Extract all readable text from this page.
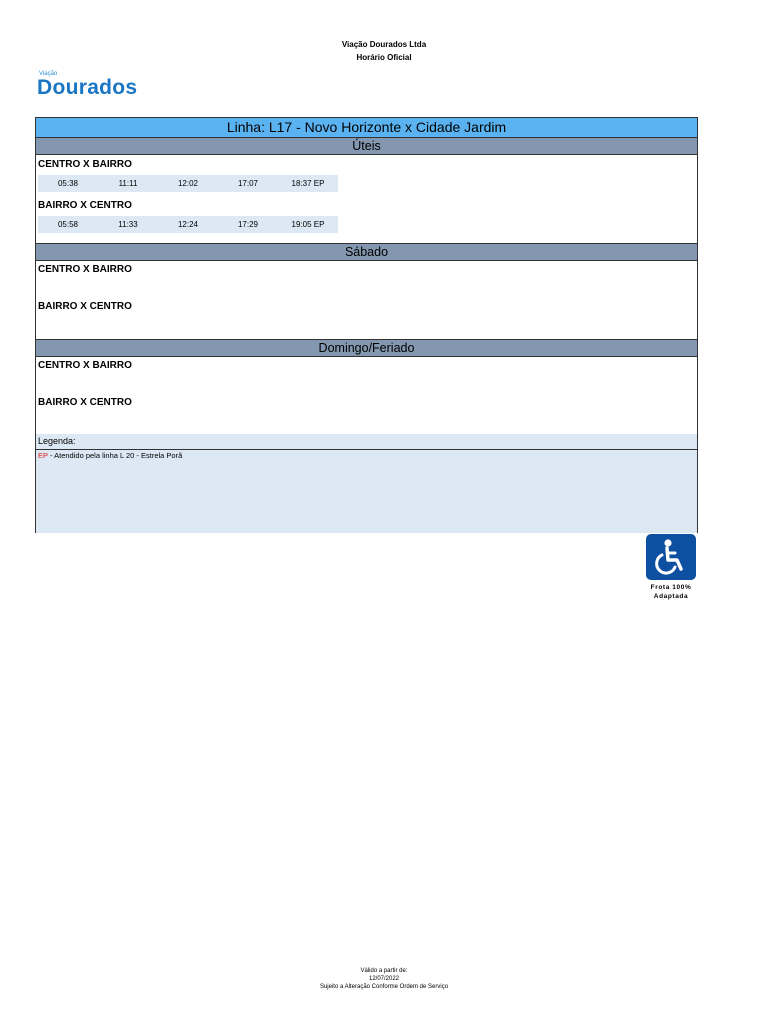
Viação Dourados Ltda
Horário Oficial
Viação
Dourados
Linha: L17 - Novo Horizonte x Cidade Jardim
Úteis
CENTRO X BAIRRO
05:38	11:11	12:02	17:07	18:37 EP
BAIRRO X CENTRO
05:58	11:33	12:24	17:29	19:05 EP
Sábado
CENTRO X BAIRRO
BAIRRO X CENTRO
Domingo/Feriado
CENTRO X BAIRRO
BAIRRO X CENTRO
Legenda:
EP - Atendido pela linha L 20 - Estrela Porã
Frota 100%
Adaptada
Válido a partir de:
12/07/2022
Sujeito a Alteração Conforme Ordem de Serviço
